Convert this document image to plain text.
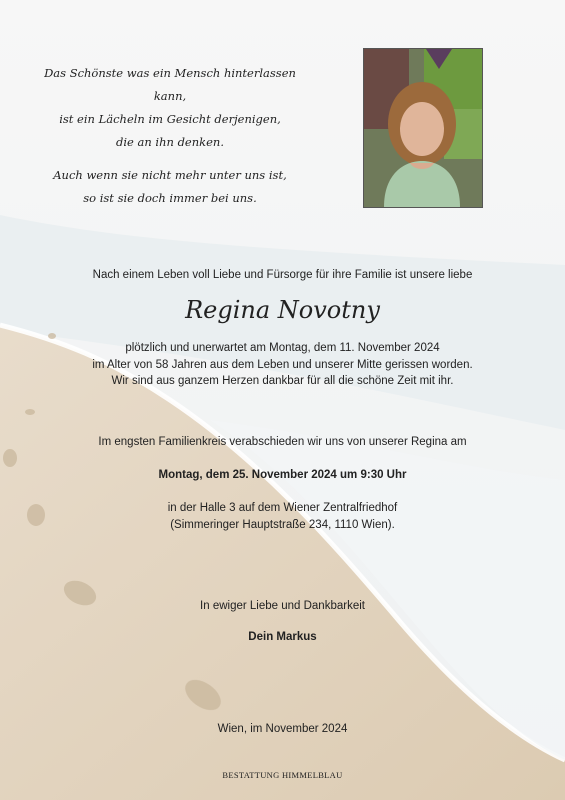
Das Schönste was ein Mensch hinterlassen kann,
ist ein Lächeln im Gesicht derjenigen,
die an ihn denken.

Auch wenn sie nicht mehr unter uns ist,
so ist sie doch immer bei uns.

Nach einem Leben voll Liebe und Fürsorge für ihre Familie ist unsere liebe
Regina Novotny
plötzlich und unerwartet am Montag, dem 11. November 2024
im Alter von 58 Jahren aus dem Leben und unserer Mitte gerissen worden.
Wir sind aus ganzem Herzen dankbar für all die schöne Zeit mit ihr.
Im engsten Familienkreis verabschieden wir uns von unserer Regina am
Montag, dem 25. November 2024 um 9:30 Uhr
in der Halle 3 auf dem Wiener Zentralfriedhof
(Simmeringer Hauptstraße 234, 1110 Wien).
In ewiger Liebe und Dankbarkeit
Dein Markus
Wien, im November 2024
BESTATTUNG HIMMELBLAU
